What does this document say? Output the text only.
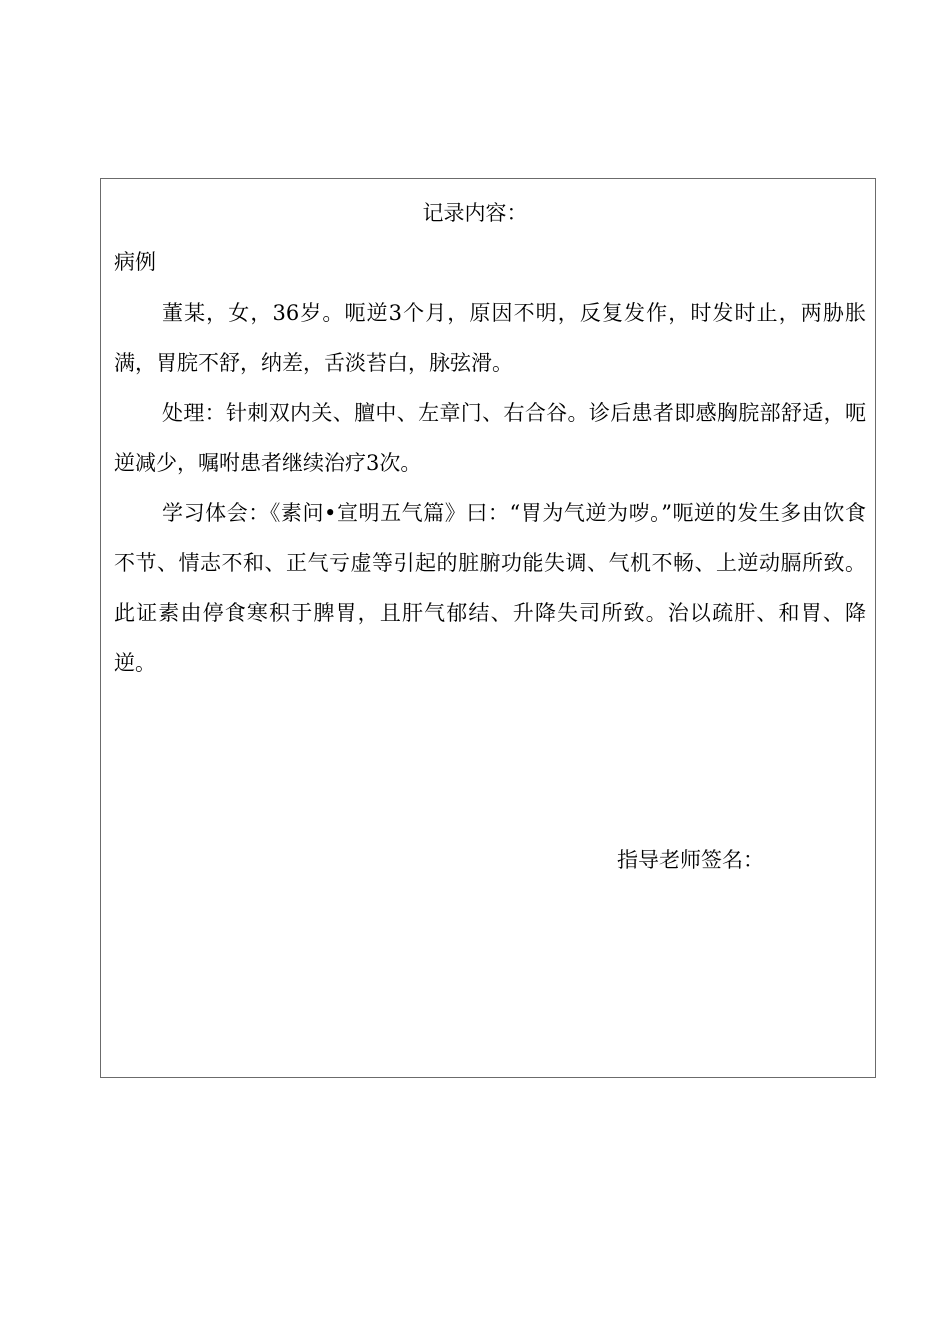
记录内容：
病例

董某，女，36岁。呃逆3个月，原因不明，反复发作，时发时止，两胁胀满，胃脘不舒，纳差，舌淡苔白，脉弦滑。

处理：针刺双内关、膻中、左章门、右合谷。诊后患者即感胸脘部舒适，呃逆减少，嘱咐患者继续治疗3次。

学习体会：《素问•宣明五气篇》曰：“胃为气逆为哕。”呃逆的发生多由饮食不节、情志不和、正气亏虚等引起的脏腑功能失调、气机不畅、上逆动膈所致。此证素由停食寒积于脾胃，且肝气郁结、升降失司所致。治以疏肝、和胃、降逆。

指导老师签名：
